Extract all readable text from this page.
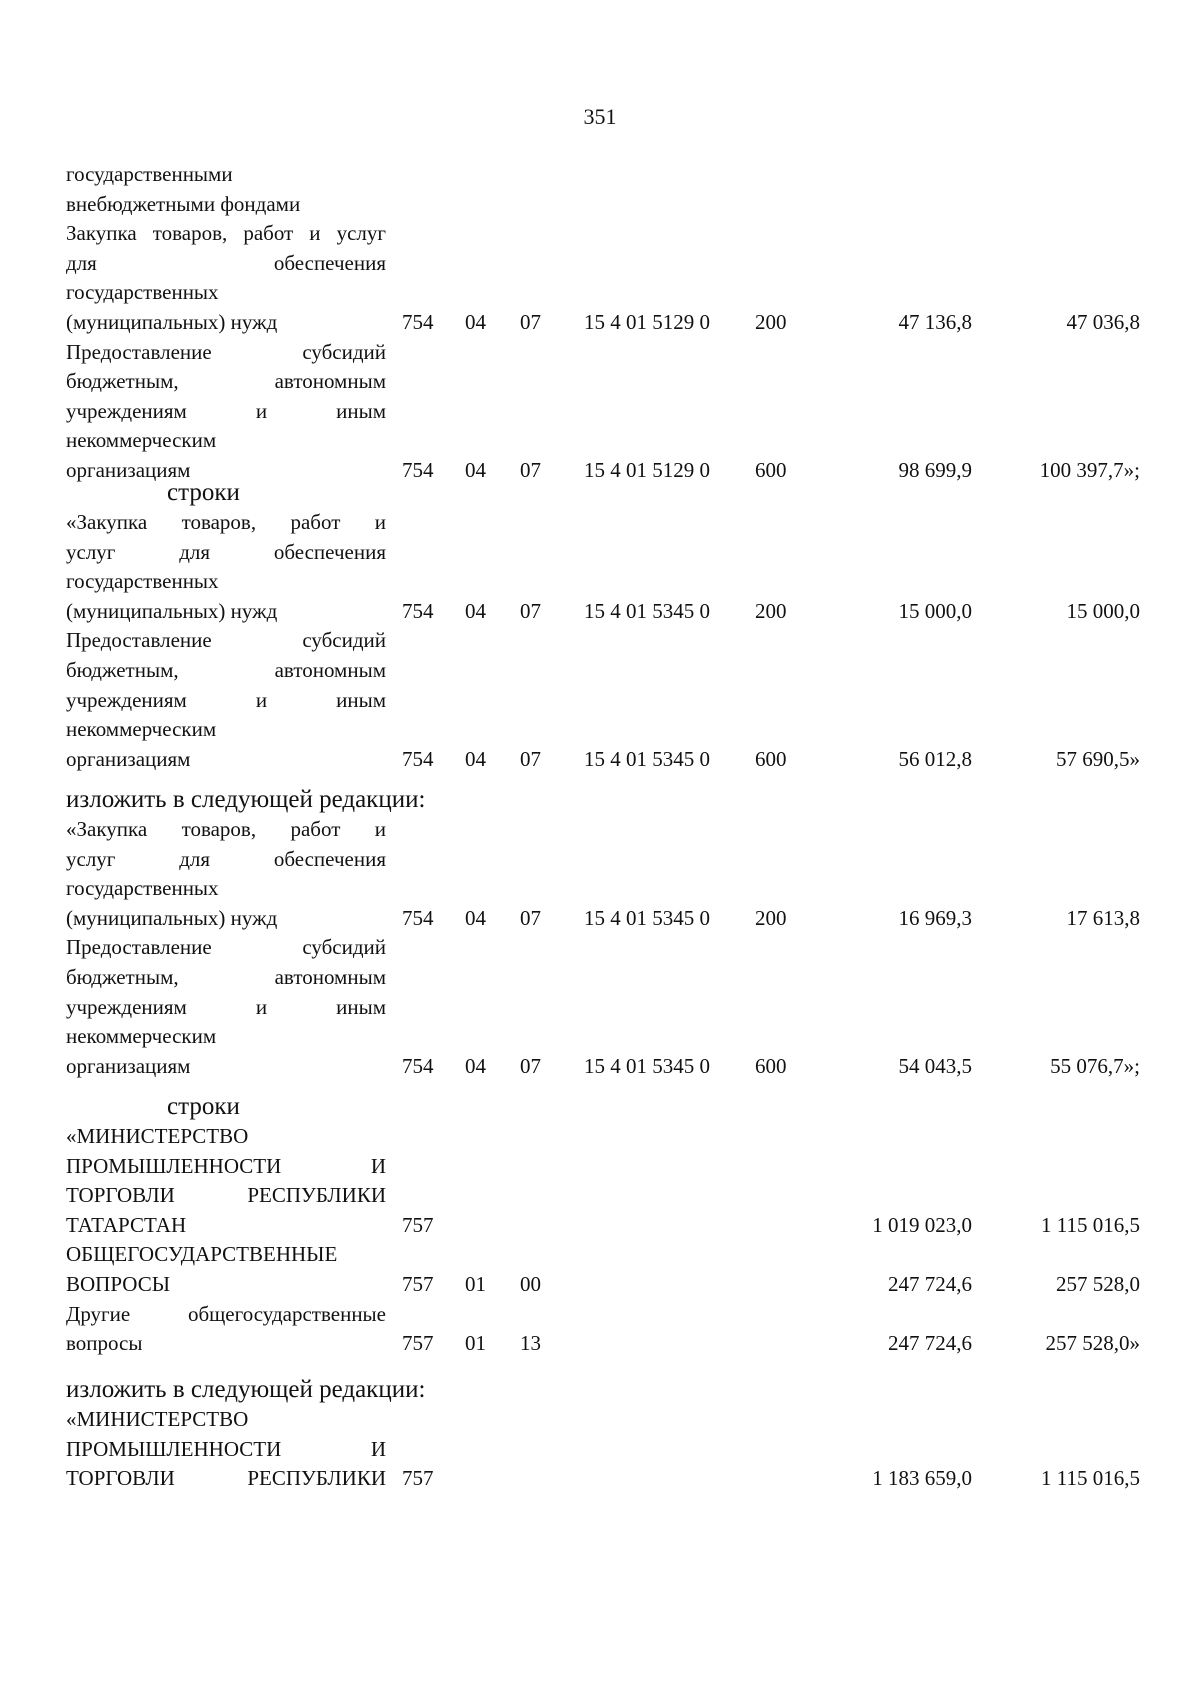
351
государственными
внебюджетными фондами
Закупка товаров, работ и услуг
для обеспечения
государственных
(муниципальных) нужд	754 04 07 15 4 01 5129 0 200	47 136,8	47 036,8
Предоставление субсидий
бюджетным, автономным
учреждениям и иным
некоммерческим
организациям	754 04 07 15 4 01 5129 0 600	98 699,9	100 397,7»;
строки
«Закупка товаров, работ и
услуг для обеспечения
государственных
(муниципальных) нужд	754 04 07 15 4 01 5345 0 200	15 000,0	15 000,0
Предоставление субсидий
бюджетным, автономным
учреждениям и иным
некоммерческим
организациям	754 04 07 15 4 01 5345 0 600	56 012,8	57 690,5»
изложить в следующей редакции:
«Закупка товаров, работ и
услуг для обеспечения
государственных
(муниципальных) нужд	754 04 07 15 4 01 5345 0 200	16 969,3	17 613,8
Предоставление субсидий
бюджетным, автономным
учреждениям и иным
некоммерческим
организациям	754 04 07 15 4 01 5345 0 600	54 043,5	55 076,7»;
строки
«МИНИСТЕРСТВО
ПРОМЫШЛЕННОСТИ И
ТОРГОВЛИ РЕСПУБЛИКИ
ТАТАРСТАН	757	1 019 023,0	1 115 016,5
ОБЩЕГОСУДАРСТВЕННЫЕ
ВОПРОСЫ	757 01 00	247 724,6	257 528,0
Другие общегосударственные
вопросы	757 01 13	247 724,6	257 528,0»
изложить в следующей редакции:
«МИНИСТЕРСТВО
ПРОМЫШЛЕННОСТИ И
ТОРГОВЛИ РЕСПУБЛИКИ 757	1 183 659,0	1 115 016,5
